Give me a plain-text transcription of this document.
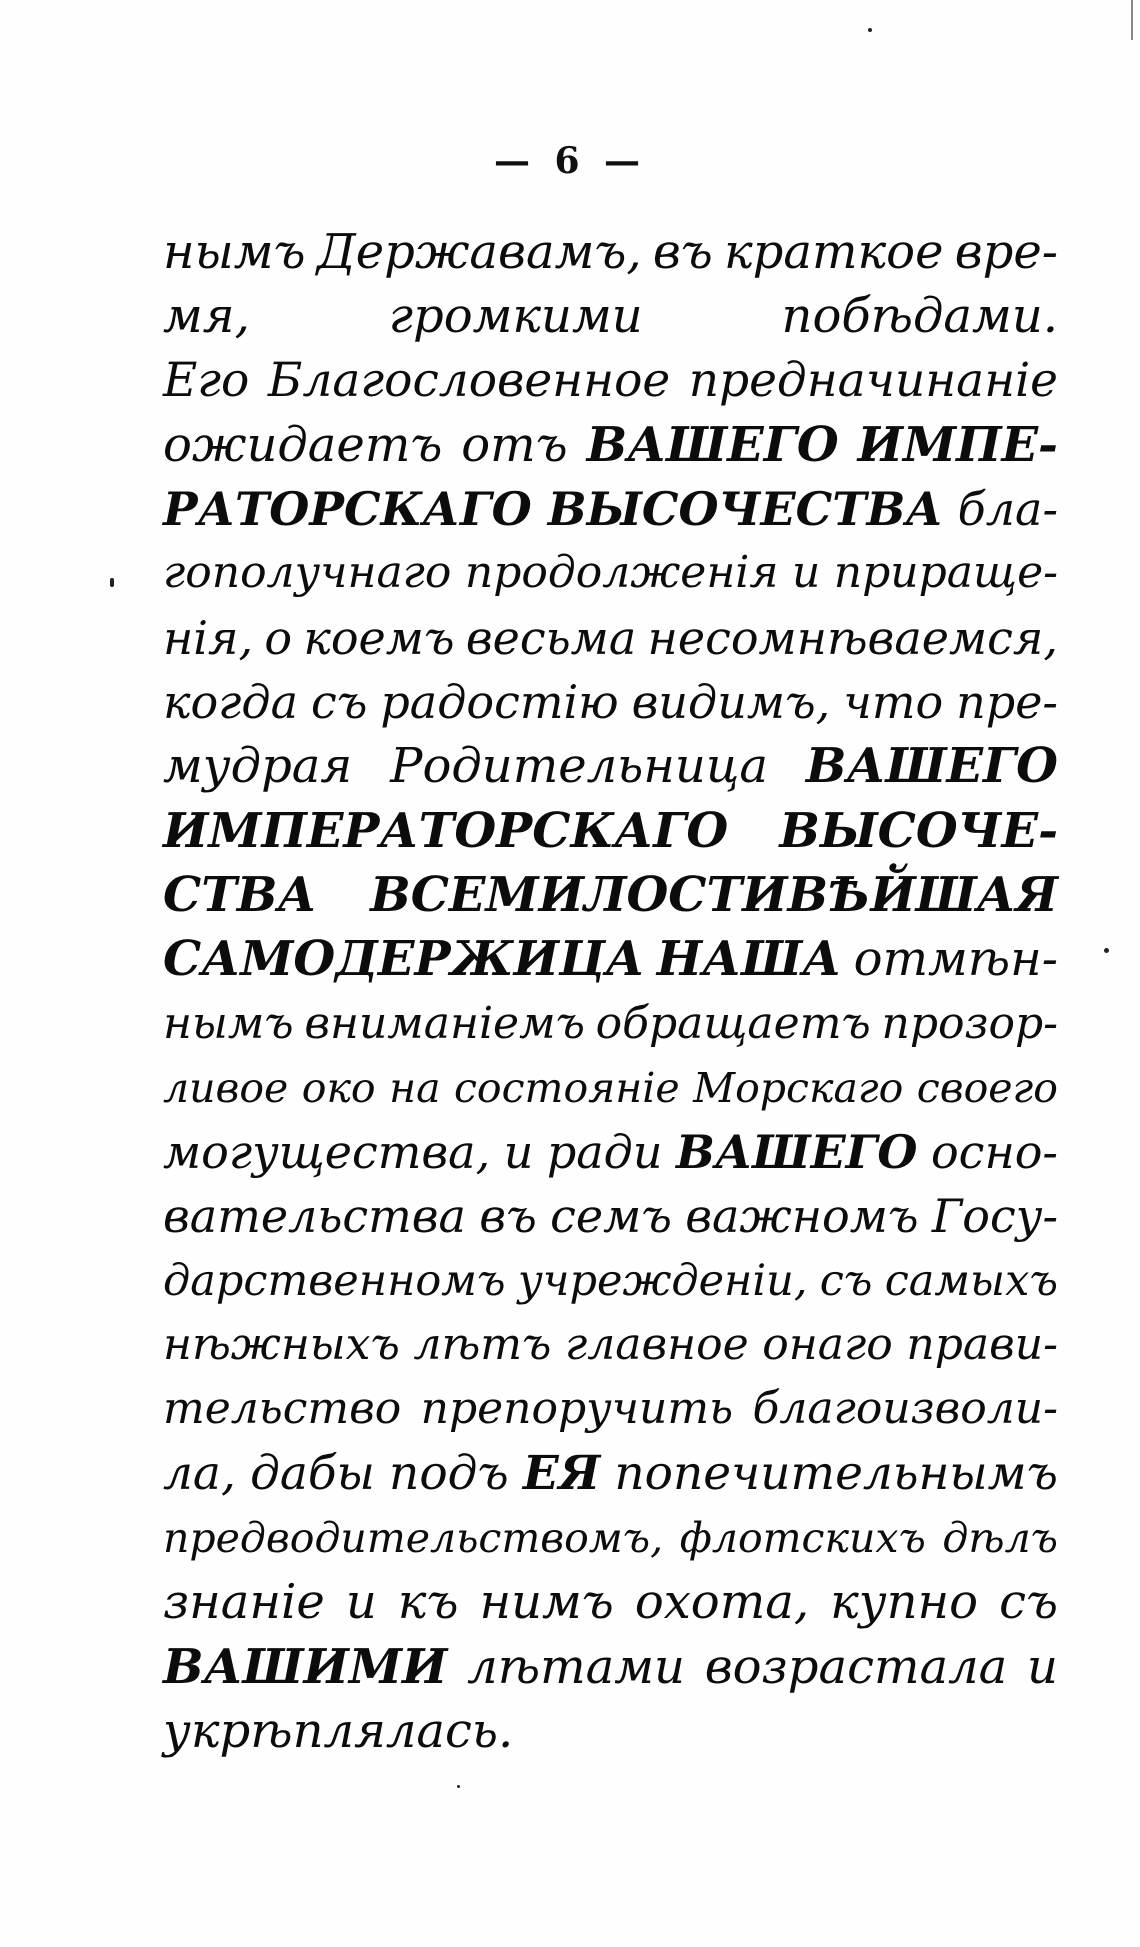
— 6 —
нымъ Державамъ, въ краткое вре-
мя,	громкими	побѣдами.
Его Благословенное предначинаніе
ожидаетъ отъ ВАШЕГО ИМПЕ-
РАТОРСКАГО ВЫСОЧЕСТВА бла-
гополучнаго продолженія и приращe-
нія, о коемъ весьма несомнѣваемся,
когда съ радостію видимъ, что пре-
мудрая Родительница ВАШЕГО
ИМПЕРАТОРСКАГО ВЫСОЧЕ-
СТВА ВСЕМИЛОСТИВѢЙШАЯ
САМОДЕРЖИЦА НАША отмѣн-
нымъ вниманіемъ обращаетъ прозор-
ливое око на состояніе Морскаго своего
могущества, и ради ВАШЕГО осно-
вательства въ семъ важномъ Госу-
дарственномъ учрежденіи, съ самыхъ
нѣжныхъ лѣтъ главное онаго прави-
тельство препоручить благоизволи-
ла, дабы подъ ЕЯ попечительнымъ
предводительствомъ, флотскихъ дѣлъ
знаніе и къ нимъ охота, купно съ
ВАШИМИ лѣтами возрастала и
укрѣплялась.
